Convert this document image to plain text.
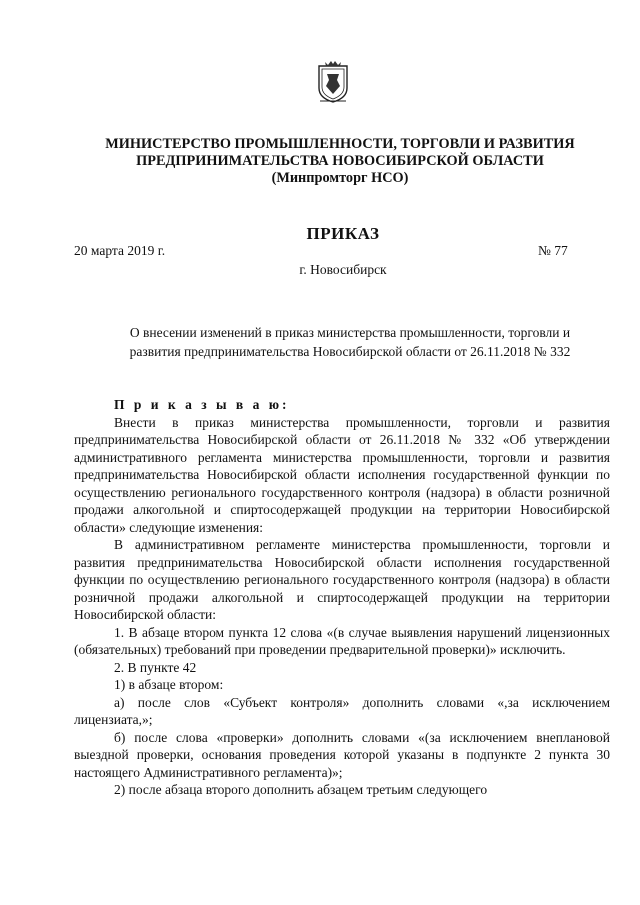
МИНИСТЕРСТВО ПРОМЫШЛЕННОСТИ, ТОРГОВЛИ И РАЗВИТИЯ
ПРЕДПРИНИМАТЕЛЬСТВА НОВОСИБИРСКОЙ ОБЛАСТИ
(Минпромторг НСО)
ПРИКАЗ
20 марта 2019 г.	№ 77
г. Новосибирск
О внесении изменений в приказ министерства промышленности, торговли и
развития предпринимательства Новосибирской области от 26.11.2018 № 332

П р и к а з ы в а ю:

Внести в приказ министерства промышленности, торговли и развития предпринимательства Новосибирской области от 26.11.2018 № 332 «Об утверждении административного регламента министерства промышленности, торговли и развития предпринимательства Новосибирской области исполнения государственной функции по осуществлению регионального государственного контроля (надзора) в области розничной продажи алкогольной и спиртосодержащей продукции на территории Новосибирской области» следующие изменения:

В административном регламенте министерства промышленности, торговли и развития предпринимательства Новосибирской области исполнения государственной функции по осуществлению регионального государственного контроля (надзора) в области розничной продажи алкогольной и спиртосодержащей продукции на территории Новосибирской области:

1. В абзаце втором пункта 12 слова «(в случае выявления нарушений лицензионных (обязательных) требований при проведении предварительной проверки)» исключить.

2. В пункте 42

1) в абзаце втором:

а) после слов «Субъект контроля» дополнить словами «,за исключением лицензиата,»;

б) после слова «проверки» дополнить словами «(за исключением внеплановой выездной проверки, основания проведения которой указаны в подпункте 2 пункта 30 настоящего Административного регламента)»;

2) после абзаца второго дополнить абзацем третьим следующего
